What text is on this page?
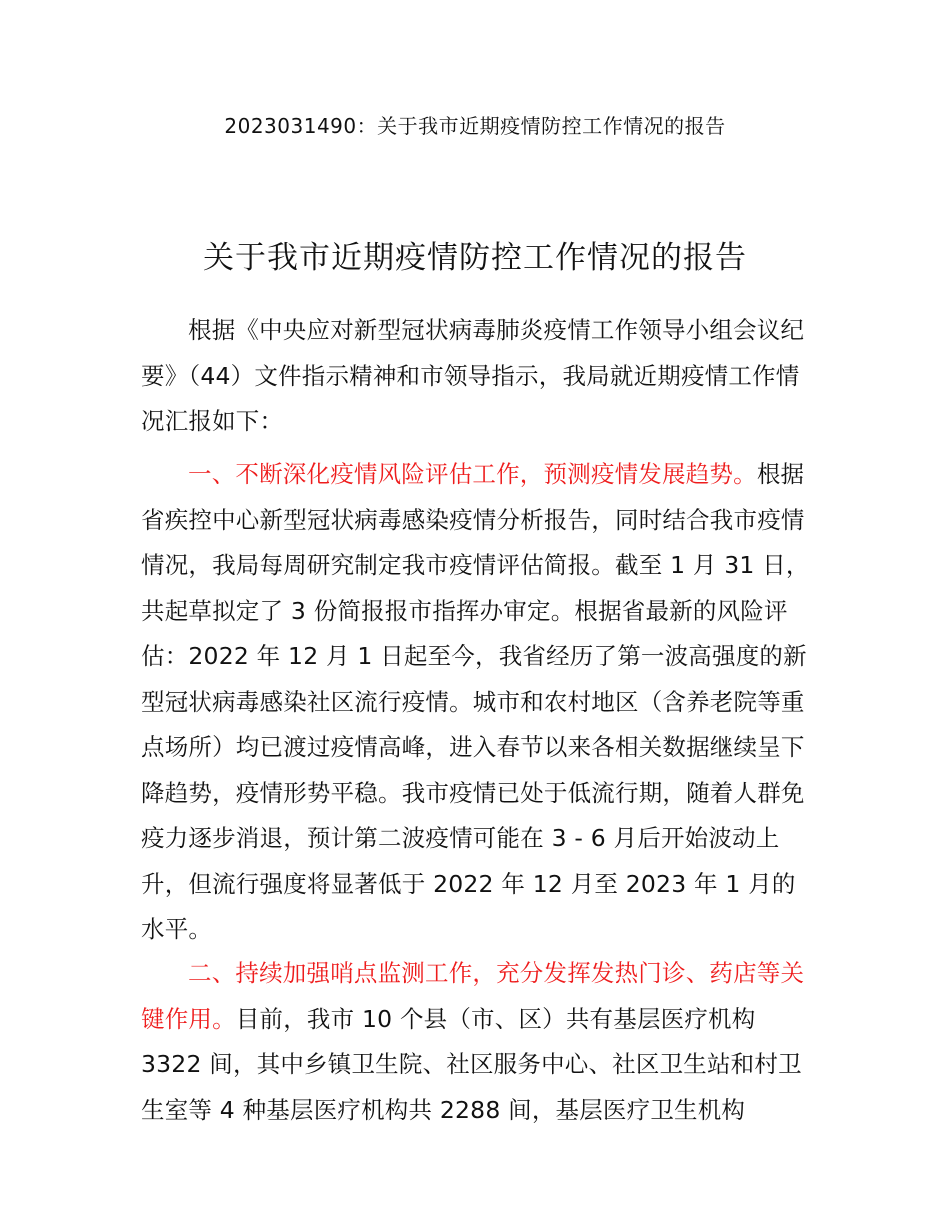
2023031490：关于我市近期疫情防控工作情况的报告
关于我市近期疫情防控工作情况的报告

根据《中央应对新型冠状病毒肺炎疫情工作领导小组会议纪要》（44）文件指示精神和市领导指示，我局就近期疫情工作情况汇报如下：

一、不断深化疫情风险评估工作，预测疫情发展趋势。根据省疾控中心新型冠状病毒感染疫情分析报告，同时结合我市疫情情况，我局每周研究制定我市疫情评估简报。截至 1 月 31 日，共起草拟定了 3 份简报报市指挥办审定。根据省最新的风险评估：2022 年 12 月 1 日起至今，我省经历了第一波高强度的新型冠状病毒感染社区流行疫情。城市和农村地区（含养老院等重点场所）均已渡过疫情高峰，进入春节以来各相关数据继续呈下降趋势，疫情形势平稳。我市疫情已处于低流行期，随着人群免疫力逐步消退，预计第二波疫情可能在 3 - 6 月后开始波动上升，但流行强度将显著低于 2022 年 12 月至 2023 年 1 月的水平。

二、持续加强哨点监测工作，充分发挥发热门诊、药店等关键作用。目前，我市 10 个县（市、区）共有基层医疗机构 3322 间，其中乡镇卫生院、社区服务中心、社区卫生站和村卫生室等 4 种基层医疗机构共 2288 间，基层医疗卫生机构
